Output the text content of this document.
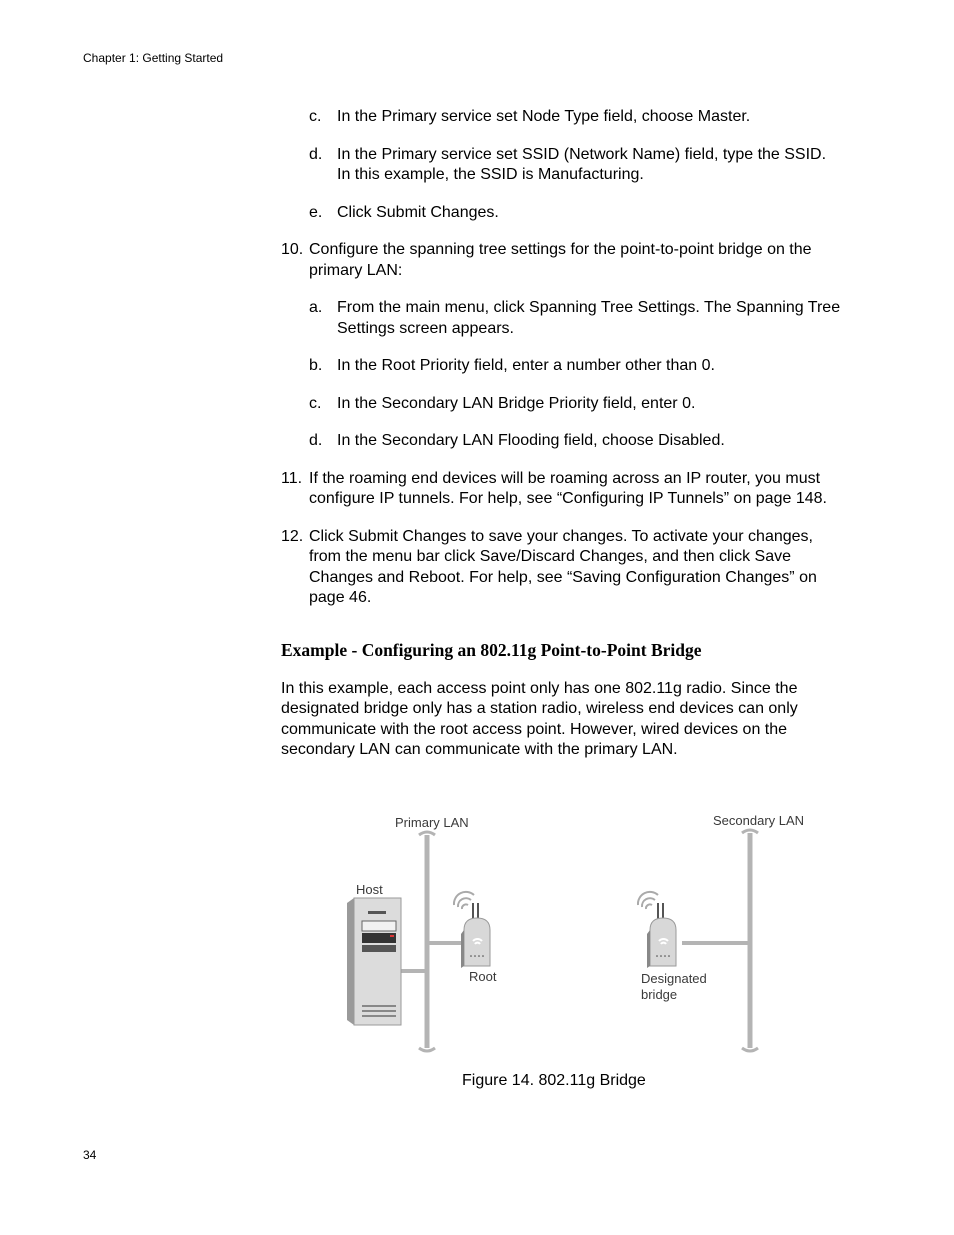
Chapter 1: Getting Started
c. In the Primary service set Node Type field, choose Master.
d. In the Primary service set SSID (Network Name) field, type the SSID. In this example, the SSID is Manufacturing.
e. Click Submit Changes.
10. Configure the spanning tree settings for the point-to-point bridge on the primary LAN:
a. From the main menu, click Spanning Tree Settings. The Spanning Tree Settings screen appears.
b. In the Root Priority field, enter a number other than 0.
c. In the Secondary LAN Bridge Priority field, enter 0.
d. In the Secondary LAN Flooding field, choose Disabled.
11. If the roaming end devices will be roaming across an IP router, you must configure IP tunnels. For help, see “Configuring IP Tunnels” on page 148.
12. Click Submit Changes to save your changes. To activate your changes, from the menu bar click Save/Discard Changes, and then click Save Changes and Reboot. For help, see “Saving Configuration Changes” on page 46.
Example - Configuring an 802.11g Point-to-Point Bridge

In this example, each access point only has one 802.11g radio. Since the designated bridge only has a station radio, wireless end devices can only communicate with the root access point. However, wired devices on the secondary LAN can communicate with the primary LAN.

Primary LAN	Secondary LAN
Host
Root	Designated
bridge
Figure 14. 802.11g Bridge
34
